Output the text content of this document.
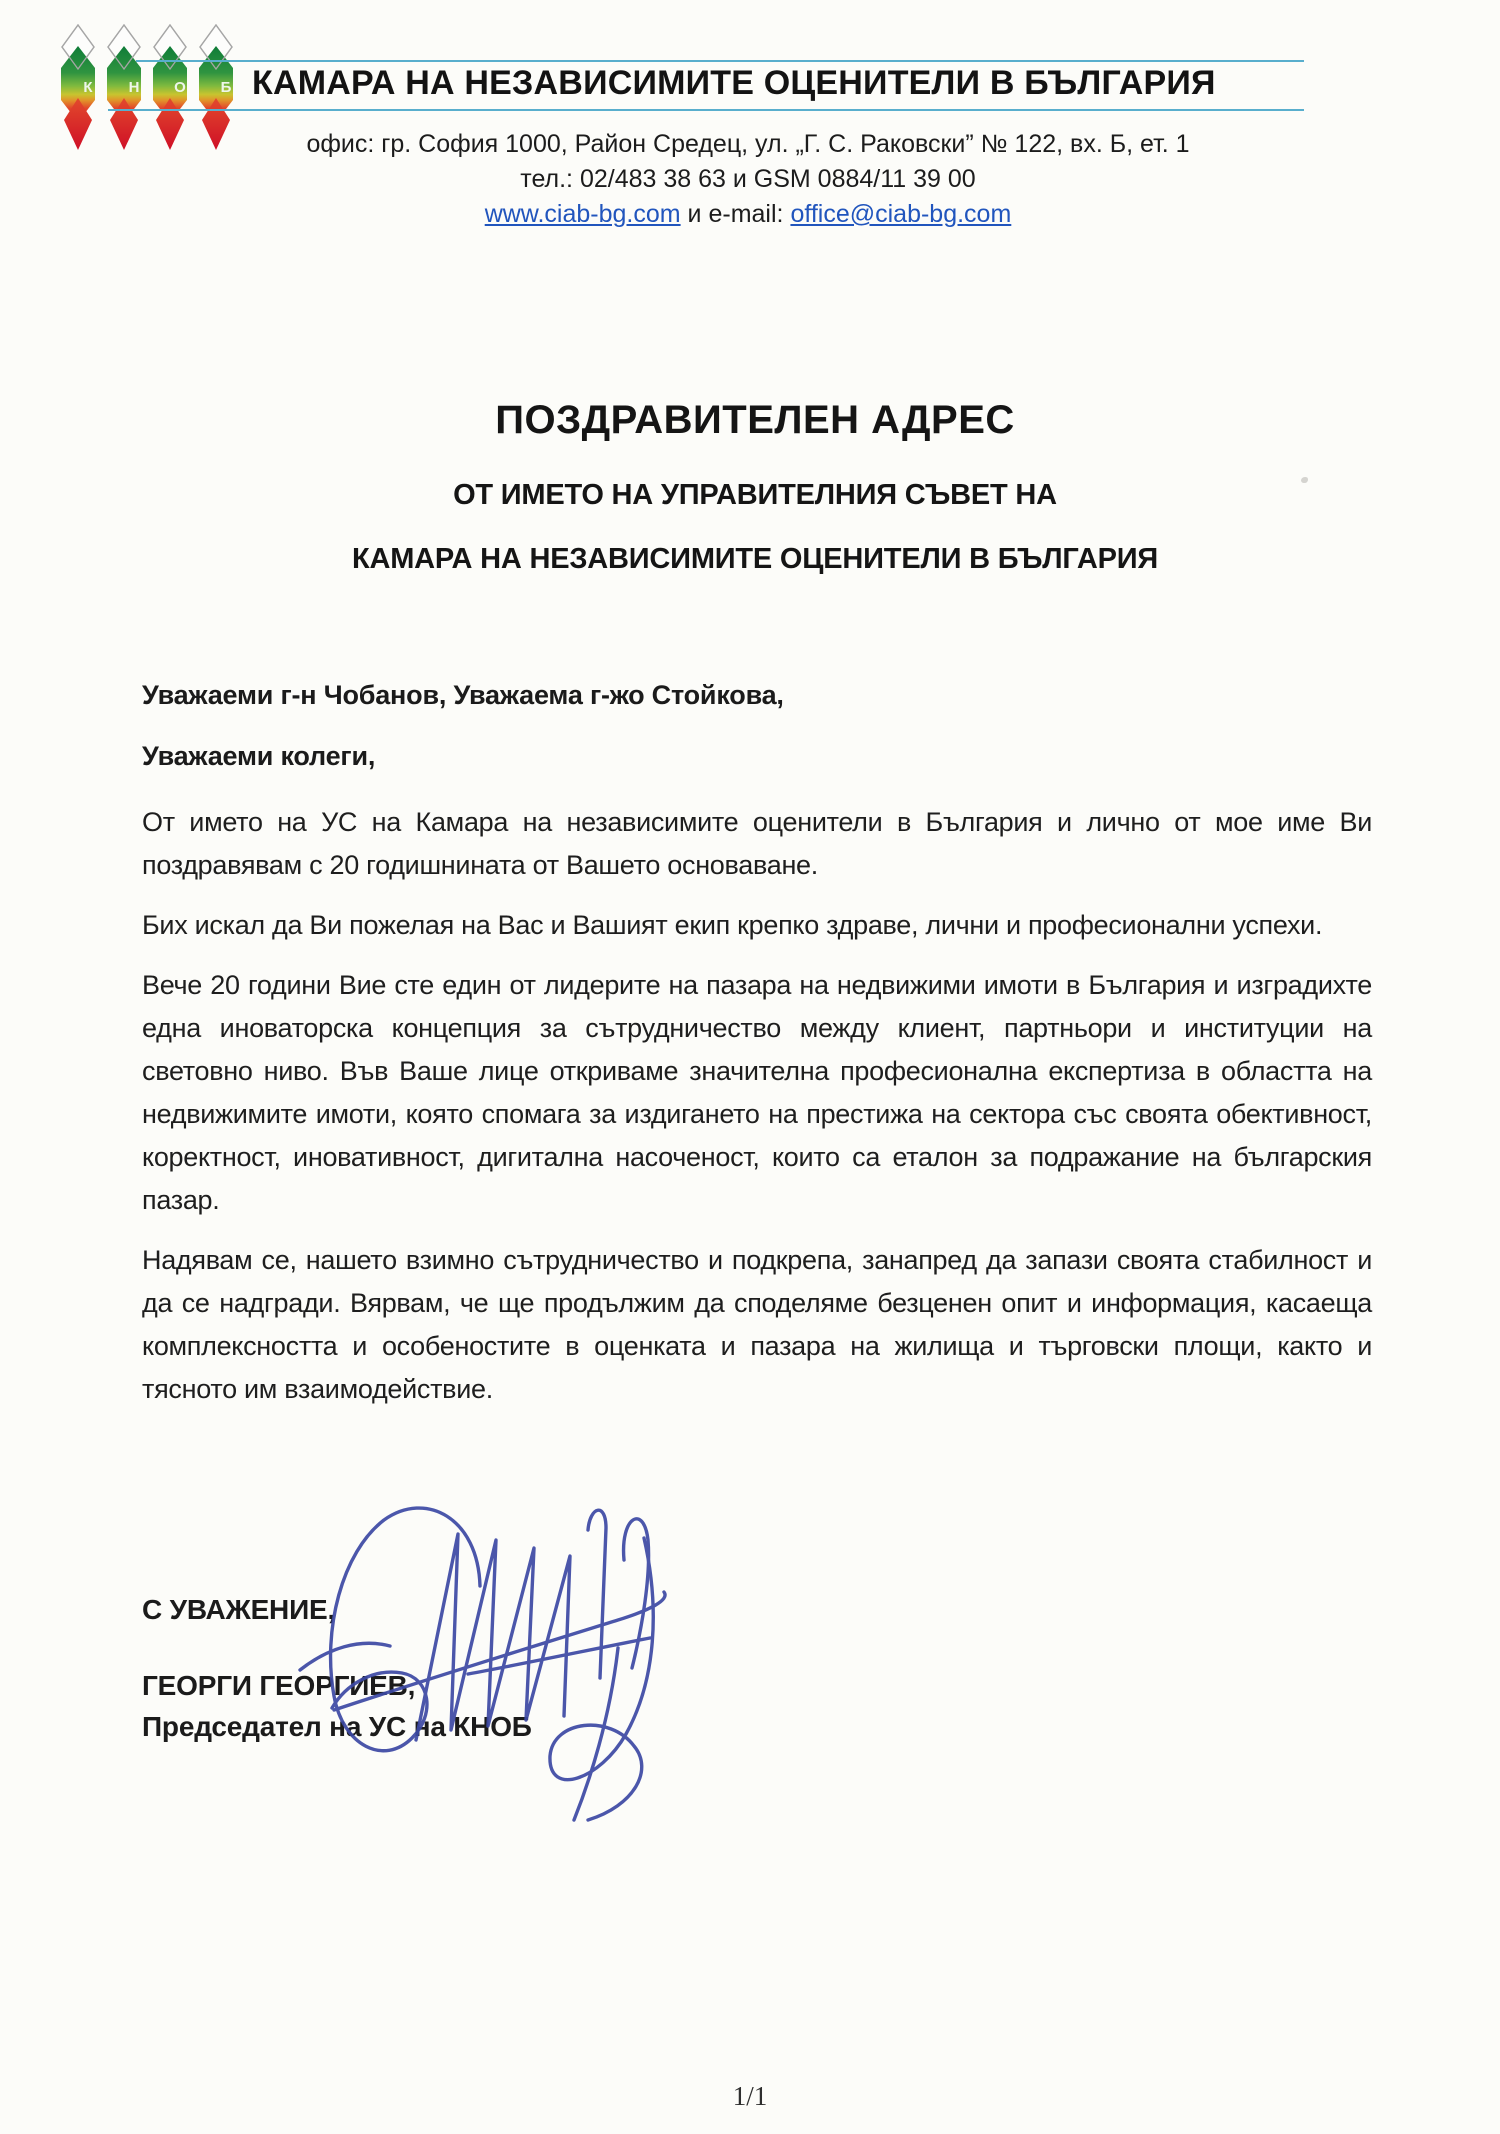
К Н О Б КАМАРА НА НЕЗАВИСИМИТЕ ОЦЕНИТЕЛИ В БЪЛГАРИЯ
офис: гр. София 1000, Район Средец, ул. „Г. С. Раковски” № 122, вх. Б, ет. 1
тел.: 02/483 38 63 и GSM 0884/11 39 00
www.ciab-bg.com и e-mail: office@ciab-bg.com
ПОЗДРАВИТЕЛЕН АДРЕС
ОТ ИМЕТО НА УПРАВИТЕЛНИЯ СЪВЕТ НА
КАМАРА НА НЕЗАВИСИМИТЕ ОЦЕНИТЕЛИ В БЪЛГАРИЯ
Уважаеми г-н Чобанов, Уважаема г-жо Стойкова,
Уважаеми колеги,

От името на УС на Камара на независимите оценители в България и лично от мое име Ви поздравявам с 20 годишнината от Вашето основаване.

Бих искал да Ви пожелая на Вас и Вашият екип крепко здраве, лични и професионални успехи.

Вече 20 години Вие сте един от лидерите на пазара на недвижими имоти в България и изградихте една иноваторска концепция за сътрудничество между клиент, партньори и институции на световно ниво. Във Ваше лице откриваме значителна професионална експертиза в областта на недвижимите имоти, която спомага за издигането на престижа на сектора със своята обективност, коректност, иновативност, дигитална насоченост, които са еталон за подражание на българския пазар.

Надявам се, нашето взимно сътрудничество и подкрепа, занапред да запази своята стабилност и да се надгради. Вярвам, че ще продължим да споделяме безценен опит и информация, касаеща комплексността и особеностите в оценката и пазара на жилища и търговски площи, както и тясното им взаимодействие.

С УВАЖЕНИЕ,
ГЕОРГИ ГЕОРГИЕВ,
Председател на УС на КНОБ
1/1
